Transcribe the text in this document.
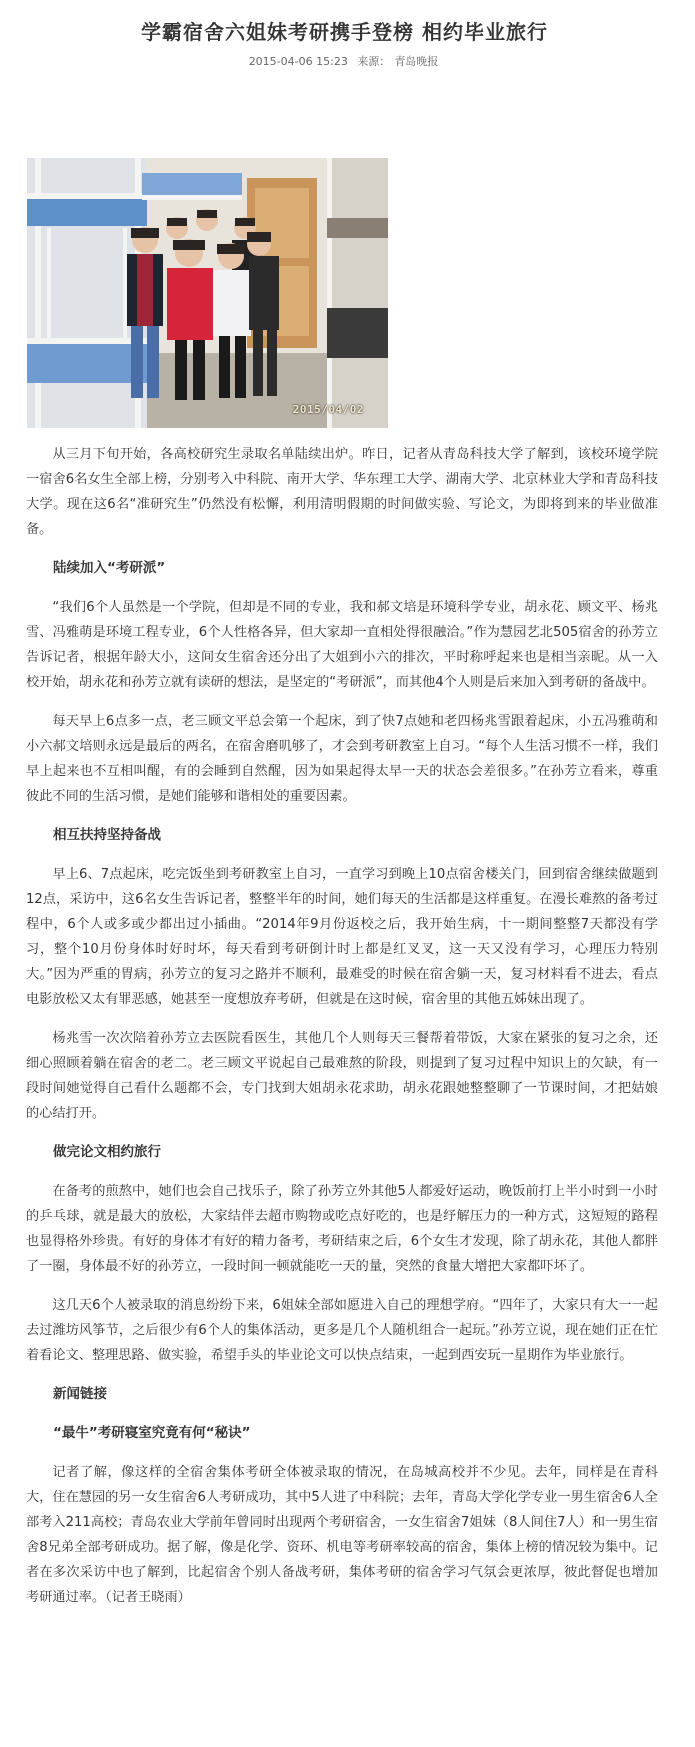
学霸宿舍六姐妹考研携手登榜 相约毕业旅行
2015-04-06 15:23 来源： 青岛晚报
2015/04/02

从三月下旬开始，各高校研究生录取名单陆续出炉。昨日，记者从青岛科技大学了解到，该校环境学院一宿舍6名女生全部上榜，分别考入中科院、南开大学、华东理工大学、湖南大学、北京林业大学和青岛科技大学。现在这6名“准研究生”仍然没有松懈，利用清明假期的时间做实验、写论文，为即将到来的毕业做准备。

陆续加入“考研派”

“我们6个人虽然是一个学院，但却是不同的专业，我和郝文培是环境科学专业，胡永花、顾文平、杨兆雪、冯雅萌是环境工程专业，6个人性格各异，但大家却一直相处得很融洽。”作为慧园艺北505宿舍的孙芳立告诉记者，根据年龄大小，这间女生宿舍还分出了大姐到小六的排次，平时称呼起来也是相当亲昵。从一入校开始，胡永花和孙芳立就有读研的想法，是坚定的“考研派”，而其他4个人则是后来加入到考研的备战中。

每天早上6点多一点，老三顾文平总会第一个起床，到了快7点她和老四杨兆雪跟着起床，小五冯雅萌和小六郝文培则永远是最后的两名，在宿舍磨叽够了，才会到考研教室上自习。“每个人生活习惯不一样，我们早上起来也不互相叫醒，有的会睡到自然醒，因为如果起得太早一天的状态会差很多。”在孙芳立看来，尊重彼此不同的生活习惯，是她们能够和谐相处的重要因素。

相互扶持坚持备战

早上6、7点起床，吃完饭坐到考研教室上自习，一直学习到晚上10点宿舍楼关门，回到宿舍继续做题到12点，采访中，这6名女生告诉记者，整整半年的时间，她们每天的生活都是这样重复。在漫长难熬的备考过程中，6个人或多或少都出过小插曲。“2014年9月份返校之后，我开始生病，十一期间整整7天都没有学习，整个10月份身体时好时坏，每天看到考研倒计时上都是红叉叉，这一天又没有学习，心理压力特别大。”因为严重的胃病，孙芳立的复习之路并不顺利，最难受的时候在宿舍躺一天，复习材料看不进去，看点电影放松又太有罪恶感，她甚至一度想放弃考研，但就是在这时候，宿舍里的其他五姊妹出现了。

杨兆雪一次次陪着孙芳立去医院看医生，其他几个人则每天三餐帮着带饭，大家在紧张的复习之余，还细心照顾着躺在宿舍的老二。老三顾文平说起自己最难熬的阶段，则提到了复习过程中知识上的欠缺，有一段时间她觉得自己看什么题都不会，专门找到大姐胡永花求助，胡永花跟她整整聊了一节课时间，才把姑娘的心结打开。

做完论文相约旅行

在备考的煎熬中，她们也会自己找乐子，除了孙芳立外其他5人都爱好运动，晚饭前打上半小时到一小时的乒乓球，就是最大的放松，大家结伴去超市购物或吃点好吃的，也是纾解压力的一种方式，这短短的路程也显得格外珍贵。有好的身体才有好的精力备考，考研结束之后，6个女生才发现，除了胡永花，其他人都胖了一圈，身体最不好的孙芳立，一段时间一顿就能吃一天的量，突然的食量大增把大家都吓坏了。

这几天6个人被录取的消息纷纷下来，6姐妹全部如愿进入自己的理想学府。“四年了，大家只有大一一起去过潍坊风筝节，之后很少有6个人的集体活动，更多是几个人随机组合一起玩。”孙芳立说，现在她们正在忙着看论文、整理思路、做实验，希望手头的毕业论文可以快点结束，一起到西安玩一星期作为毕业旅行。

新闻链接
“最牛”考研寝室究竟有何“秘诀”

记者了解，像这样的全宿舍集体考研全体被录取的情况，在岛城高校并不少见。去年，同样是在青科大，住在慧园的另一女生宿舍6人考研成功，其中5人进了中科院；去年，青岛大学化学专业一男生宿舍6人全部考入211高校；青岛农业大学前年曾同时出现两个考研宿舍，一女生宿舍7姐妹（8人间住7人）和一男生宿舍8兄弟全部考研成功。据了解，像是化学、资环、机电等考研率较高的宿舍，集体上榜的情况较为集中。记者在多次采访中也了解到，比起宿舍个别人备战考研，集体考研的宿舍学习气氛会更浓厚，彼此督促也增加考研通过率。（记者王晓雨）
